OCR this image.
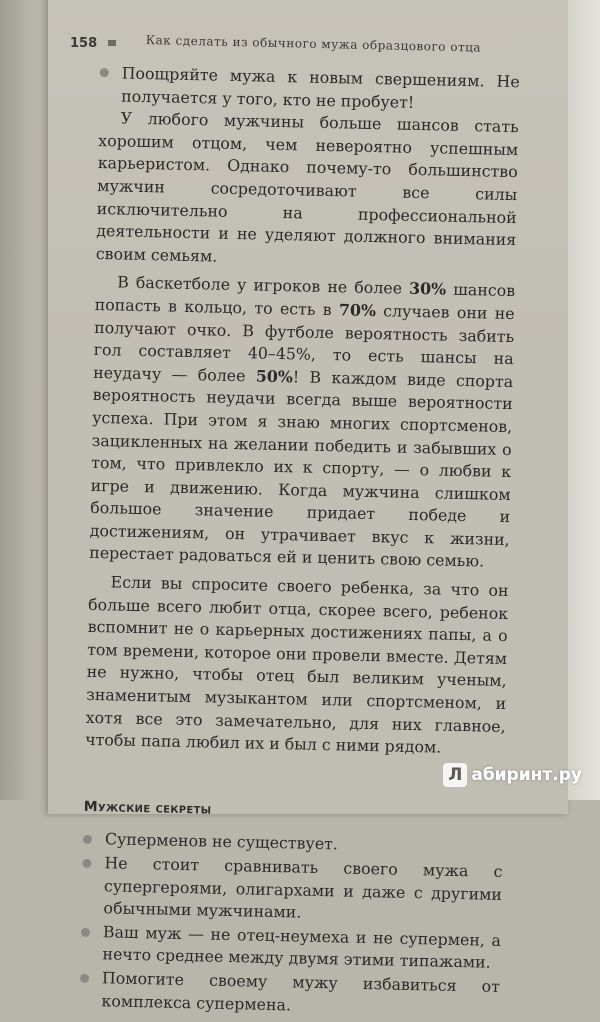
158	Как сделать из обычного мужа образцового отца
Поощряйте мужа к новым свершениям. Не получается у того, кто не пробует!

У любого мужчины больше шансов стать хорошим отцом, чем невероятно успешным карьеристом. Однако почему-то большинство мужчин сосредоточивают все силы исключительно на профессиональной деятельности и не уделяют должного внимания своим семьям.

В баскетболе у игроков не более 30% шансов попасть в кольцо, то есть в 70% случаев они не получают очко. В футболе вероятность забить гол составляет 40–45%, то есть шансы на неудачу — более 50%! В каждом виде спорта вероятность неудачи всегда выше вероятности успеха. При этом я знаю многих спортсменов, зацикленных на желании победить и забывших о том, что привлекло их к спорту, — о любви к игре и движению. Когда мужчина слишком большое значение придает победе и достижениям, он утрачивает вкус к жизни, перестает радоваться ей и ценить свою семью.

Если вы спросите своего ребенка, за что он больше всего любит отца, скорее всего, ребенок вспомнит не о карьерных достижениях папы, а о том времени, которое они провели вместе. Детям не нужно, чтобы отец был великим ученым, знаменитым музыкантом или спортсменом, и хотя все это замечательно, для них главное, чтобы папа любил их и был с ними рядом.

Мужские секреты
Суперменов не существует.
Не стоит сравнивать своего мужа с супергероями, олигархами и даже с другими обычными мужчинами.
Ваш муж — не отец-неумеха и не супермен, а нечто среднее между двумя этими типажами.
Помогите своему мужу избавиться от комплекса супермена.
Л абиринт.ру
